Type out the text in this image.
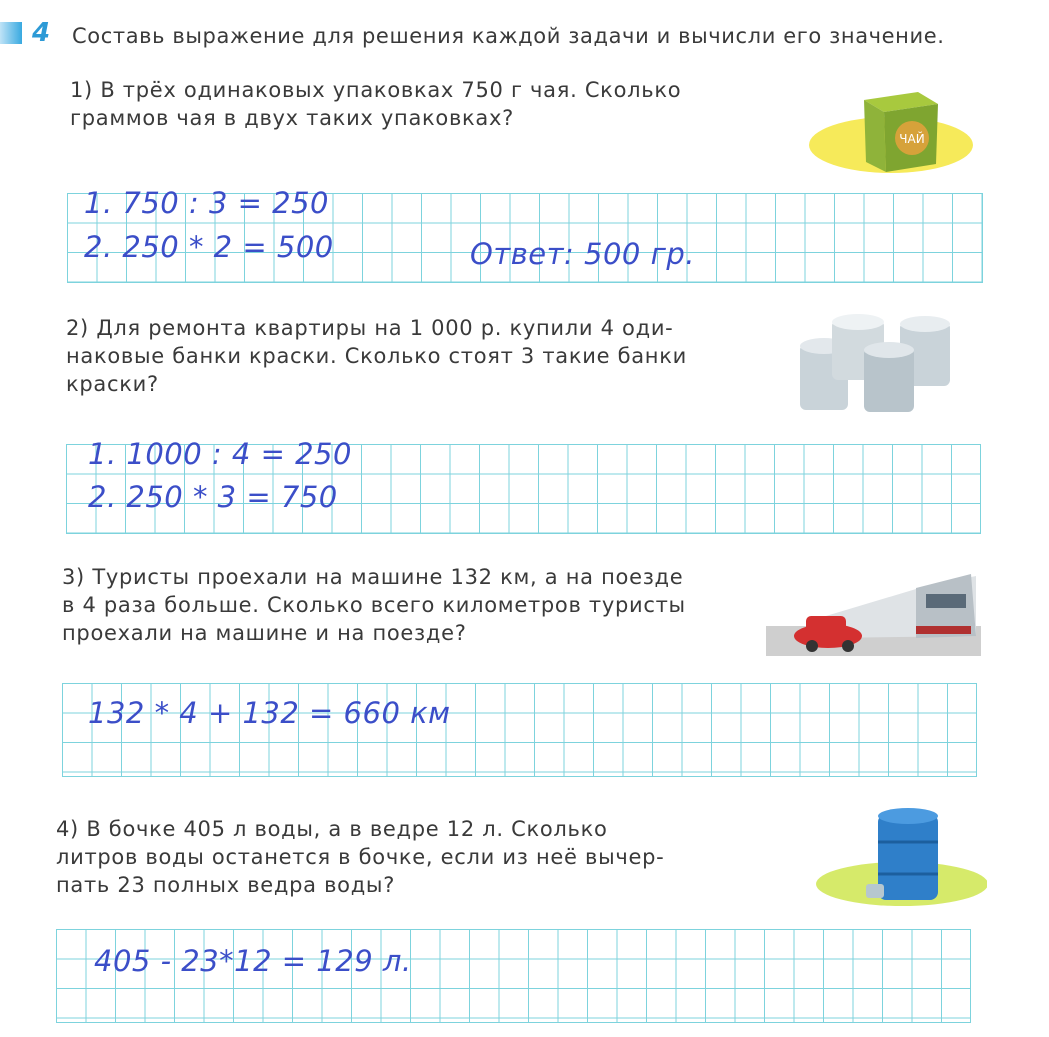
4 Составь выражение для решения каждой задачи и вычисли его значение.
1) В трёх одинаковых упаковках 750 г чая. Сколько
граммов чая в двух таких упаковках?
ЧАЙ
1. 750 : 3 = 250
2. 250 * 2 = 500	Ответ: 500 гр.
2) Для ремонта квартиры на 1 000 р. купили 4 оди-
наковые банки краски. Сколько стоят 3 такие банки
краски?
1. 1000 : 4 = 250
2. 250 * 3 = 750
3) Туристы проехали на машине 132 км, а на поезде
в 4 раза больше. Сколько всего километров туристы
проехали на машине и на поезде?
132 * 4 + 132 = 660 км
4) В бочке 405 л воды, а в ведре 12 л. Сколько
литров воды останется в бочке, если из неё вычер-
пать 23 полных ведра воды?
405 - 23*12 = 129 л.
